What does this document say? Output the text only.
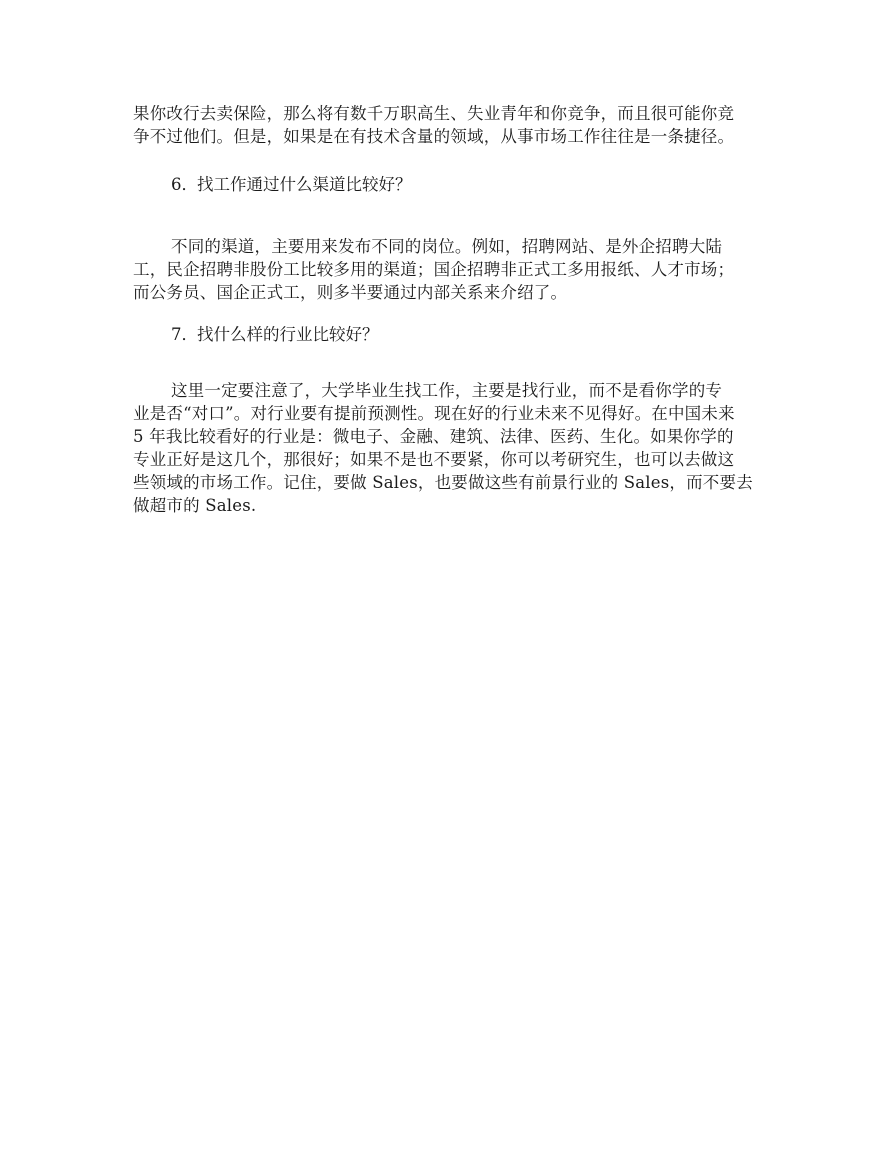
果你改行去卖保险，那么将有数千万职高生、失业青年和你竞争，而且很可能你竞
争不过他们。但是，如果是在有技术含量的领域，从事市场工作往往是一条捷径。
6．找工作通过什么渠道比较好？
不同的渠道，主要用来发布不同的岗位。例如，招聘网站、是外企招聘大陆
工，民企招聘非股份工比较多用的渠道；国企招聘非正式工多用报纸、人才市场；
而公务员、国企正式工，则多半要通过内部关系来介绍了。
7．找什么样的行业比较好？
这里一定要注意了，大学毕业生找工作，主要是找行业，而不是看你学的专
业是否“对口”。对行业要有提前预测性。现在好的行业未来不见得好。在中国未来
5 年我比较看好的行业是：微电子、金融、建筑、法律、医药、生化。如果你学的
专业正好是这几个，那很好；如果不是也不要紧，你可以考研究生，也可以去做这
些领域的市场工作。记住，要做 Sales，也要做这些有前景行业的 Sales，而不要去
做超市的 Sales.
